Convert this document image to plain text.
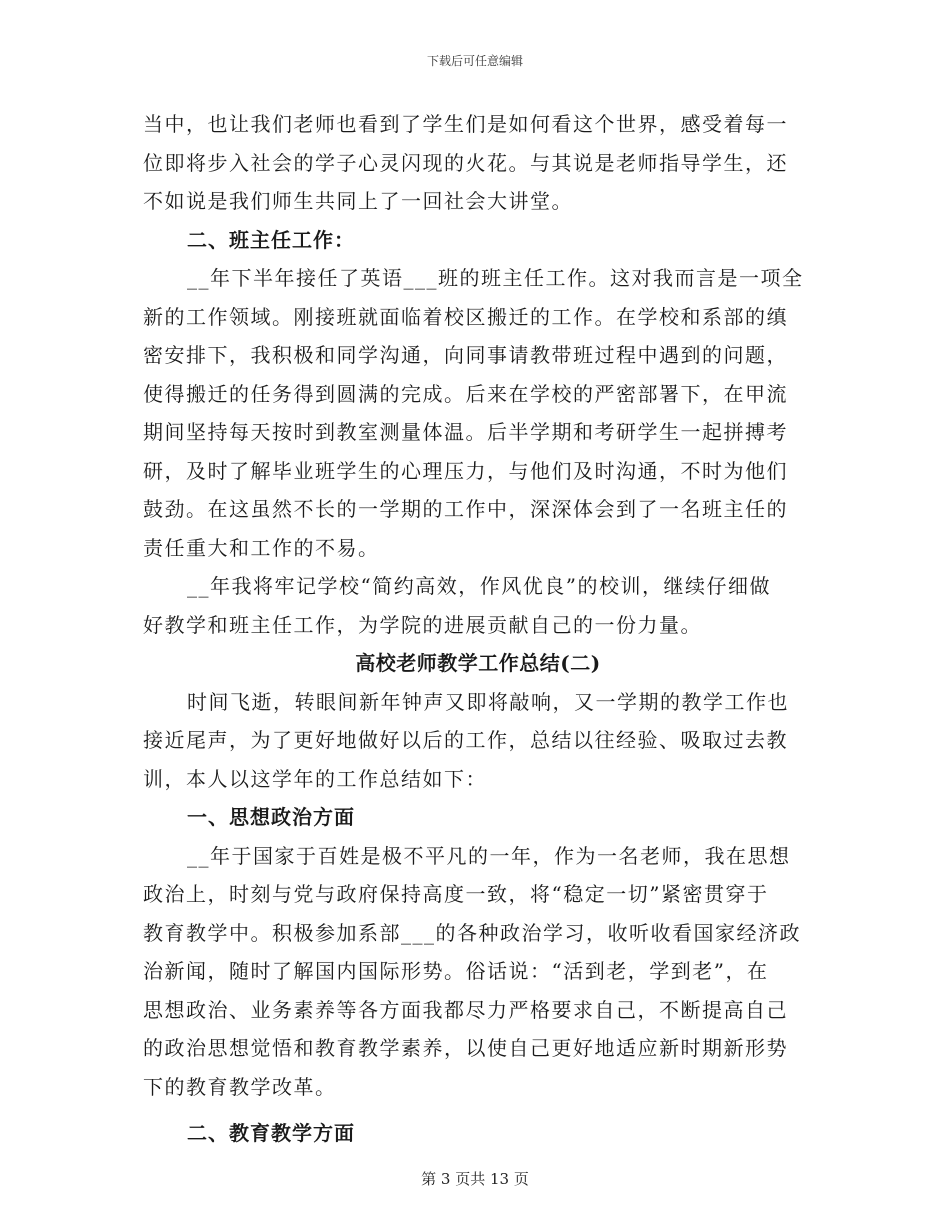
下载后可任意编辑
当中，也让我们老师也看到了学生们是如何看这个世界，感受着每一
位即将步入社会的学子心灵闪现的火花。与其说是老师指导学生，还
不如说是我们师生共同上了一回社会大讲堂。
二、班主任工作：
__年下半年接任了英语___班的班主任工作。这对我而言是一项全
新的工作领域。刚接班就面临着校区搬迁的工作。在学校和系部的缜
密安排下，我积极和同学沟通，向同事请教带班过程中遇到的问题，
使得搬迁的任务得到圆满的完成。后来在学校的严密部署下，在甲流
期间坚持每天按时到教室测量体温。后半学期和考研学生一起拼搏考
研，及时了解毕业班学生的心理压力，与他们及时沟通，不时为他们
鼓劲。在这虽然不长的一学期的工作中，深深体会到了一名班主任的
责任重大和工作的不易。
__年我将牢记学校“简约高效，作风优良”的校训，继续仔细做
好教学和班主任工作，为学院的进展贡献自己的一份力量。
高校老师教学工作总结(二)
时间飞逝，转眼间新年钟声又即将敲响，又一学期的教学工作也
接近尾声，为了更好地做好以后的工作，总结以往经验、吸取过去教
训，本人以这学年的工作总结如下：
一、思想政治方面
__年于国家于百姓是极不平凡的一年，作为一名老师，我在思想
政治上，时刻与党与政府保持高度一致，将“稳定一切”紧密贯穿于
教育教学中。积极参加系部___的各种政治学习，收听收看国家经济政
治新闻，随时了解国内国际形势。俗话说：“活到老，学到老”，在
思想政治、业务素养等各方面我都尽力严格要求自己，不断提高自己
的政治思想觉悟和教育教学素养，以使自己更好地适应新时期新形势
下的教育教学改革。
二、教育教学方面
第 3 页共 13 页
